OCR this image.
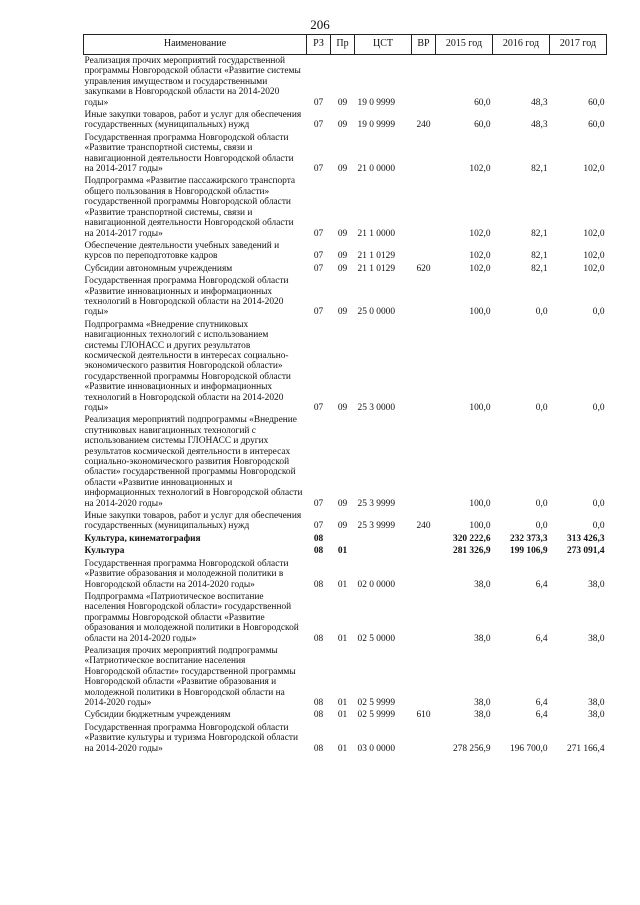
206
Наименование	РЗ	Пр	ЦСТ	ВР	2015 год	2016 год	2017 год
Реализация прочих мероприятий государственной программы Новгородской области «Развитие системы управления имуществом и государственными закупками в Новгородской области на 2014-2020 годы»	07	09	19 0 9999		60,0	48,3	60,0
Иные закупки товаров, работ и услуг для обеспечения государственных (муниципальных) нужд	07	09	19 0 9999	240	60,0	48,3	60,0
Государственная программа Новгородской области «Развитие транспортной системы, связи и навигационной деятельности Новгородской области на 2014-2017 годы»	07	09	21 0 0000		102,0	82,1	102,0
Подпрограмма «Развитие пассажирского транспорта общего пользования в Новгородской области» государственной программы Новгородской области «Развитие транспортной системы, связи и навигационной деятельности Новгородской области на 2014-2017 годы»	07	09	21 1 0000		102,0	82,1	102,0
Обеспечение деятельности учебных заведений и курсов по переподготовке кадров	07	09	21 1 0129		102,0	82,1	102,0
Субсидии автономным учреждениям	07	09	21 1 0129	620	102,0	82,1	102,0
Государственная программа Новгородской области «Развитие инновационных и информационных технологий в Новгородской области на 2014-2020 годы»	07	09	25 0 0000		100,0	0,0	0,0
Подпрограмма «Внедрение спутниковых навигационных технологий с использованием системы ГЛОНАСС и других результатов космической деятельности в интересах социально-экономического развития Новгородской области» государственной программы Новгородской области «Развитие инновационных и информационных технологий в Новгородской области на 2014-2020 годы»	07	09	25 3 0000		100,0	0,0	0,0
Реализация мероприятий подпрограммы «Внедрение спутниковых навигационных технологий с использованием системы ГЛОНАСС и других результатов космической деятельности в интересах социально-экономического развития Новгородской области» государственной программы Новгородской области «Развитие инновационных и информационных технологий в Новгородской области на 2014-2020 годы»	07	09	25 3 9999		100,0	0,0	0,0
Иные закупки товаров, работ и услуг для обеспечения государственных (муниципальных) нужд	07	09	25 3 9999	240	100,0	0,0	0,0
Культура, кинематография	08				320 222,6	232 373,3	313 426,3
Культура	08	01			281 326,9	199 106,9	273 091,4
Государственная программа Новгородской области «Развитие образования и молодежной политики в Новгородской области на 2014-2020 годы»	08	01	02 0 0000		38,0	6,4	38,0
Подпрограмма «Патриотическое воспитание населения Новгородской области» государственной программы Новгородской области «Развитие образования и молодежной политики в Новгородской области на 2014-2020 годы»	08	01	02 5 0000		38,0	6,4	38,0
Реализация прочих мероприятий подпрограммы «Патриотическое воспитание населения Новгородской области» государственной программы Новгородской области «Развитие образования и молодежной политики в Новгородской области на 2014-2020 годы»	08	01	02 5 9999		38,0	6,4	38,0
Субсидии бюджетным учреждениям	08	01	02 5 9999	610	38,0	6,4	38,0
Государственная программа Новгородской области «Развитие культуры и туризма Новгородской области на 2014-2020 годы»	08	01	03 0 0000		278 256,9	196 700,0	271 166,4
